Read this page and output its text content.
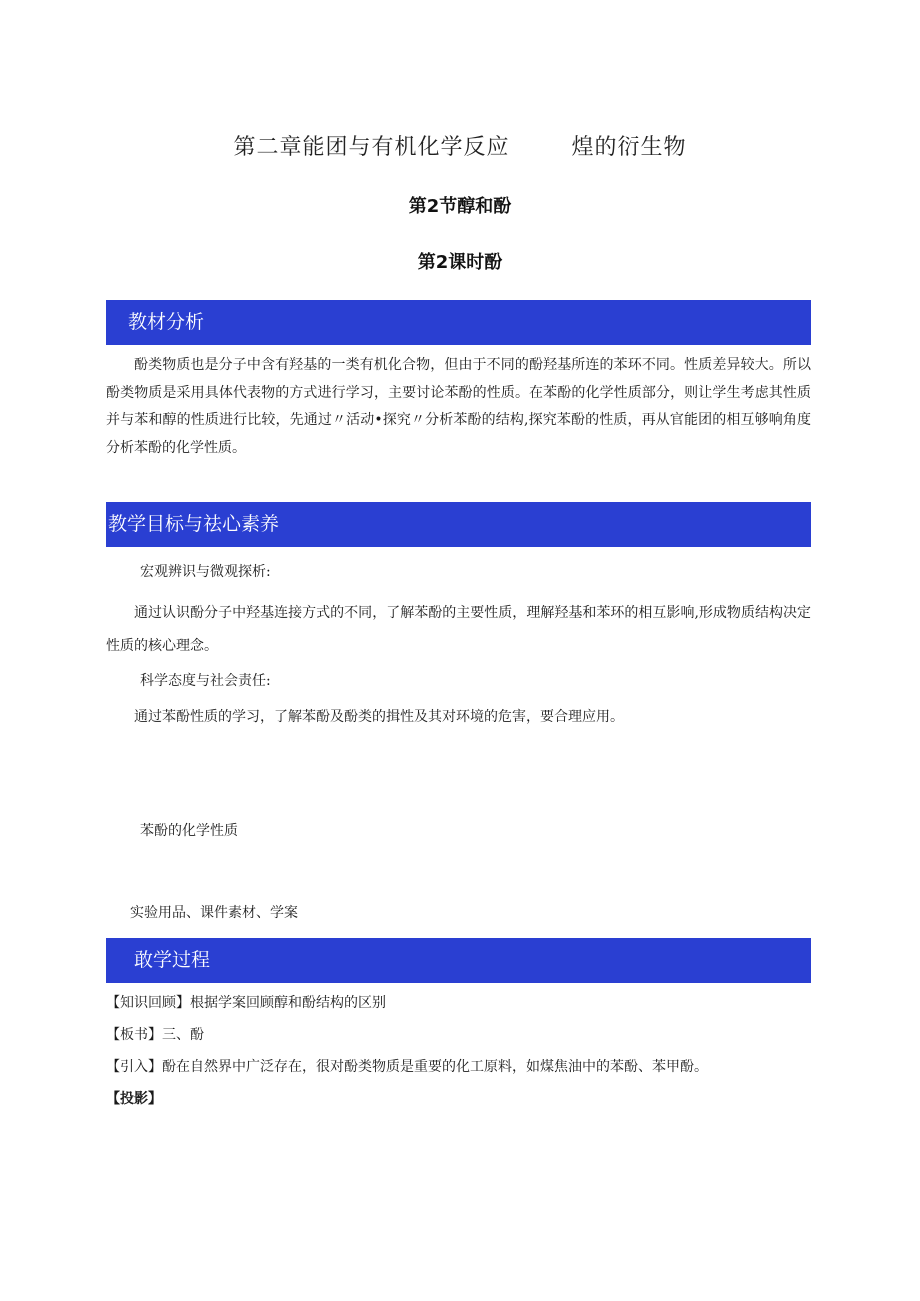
第二章能团与有机化学反应	煌的衍生物
第2节醇和酚
第2课时酚
教材分析

酚类物质也是分子中含有羟基的一类有机化合物，但由于不同的酚羟基所连的苯环不同。性质差异较大。所以酚类物质是采用具体代表物的方式进行学习，主要讨论苯酚的性质。在苯酚的化学性质部分，则让学生考虑其性质并与苯和醇的性质进行比较，先通过〃活动•探究〃分析苯酚的结构,探究苯酚的性质，再从官能团的相互够响角度分析苯酚的化学性质。

教学目标与祛心素养
宏观辨识与微观探析:

通过认识酚分子中羟基连接方式的不同，了解苯酚的主要性质，理解羟基和苯环的相互影响,形成物质结构决定性质的核心理念。

科学态度与社会责任:
通过苯酚性质的学习，了解苯酚及酚类的揖性及其对环境的危害，要合理应用。
苯酚的化学性质
实验用品、课件素材、学案
敢学过程
【知识回顾】根据学案回顾醇和酚结构的区别
【板书】三、酚
【引入】酚在自然界中广泛存在，很对酚类物质是重要的化工原料，如煤焦油中的苯酚、苯甲酚。
【投影】
